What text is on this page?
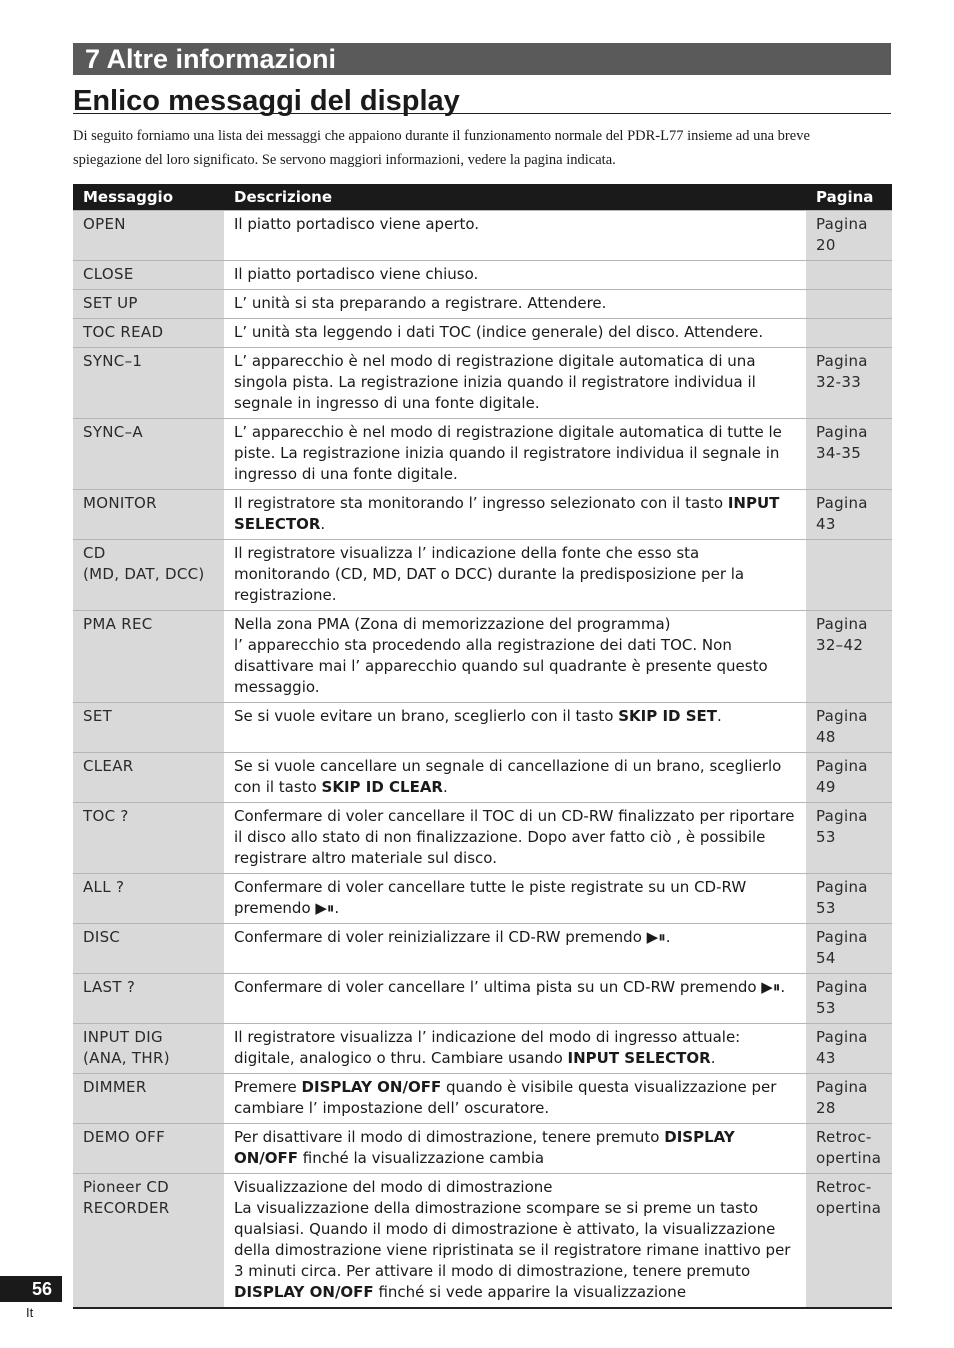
7 Altre informazioni
Enlico messaggi del display

Di seguito forniamo una lista dei messaggi che appaiono durante il funzionamento normale del PDR-L77 insieme ad una breve spiegazione del loro significato. Se servono maggiori informazioni, vedere la pagina indicata.

Messaggio	Descrizione	Pagina
OPEN	Il piatto portadisco viene aperto.	Pagina
20
CLOSE	Il piatto portadisco viene chiuso.	
SET UP	L’ unità si sta preparando a registrare. Attendere.	
TOC READ	L’ unità sta leggendo i dati TOC (indice generale) del disco. Attendere.	
SYNC–1	L’ apparecchio è nel modo di registrazione digitale automatica di una singola pista. La registrazione inizia quando il registratore individua il segnale in ingresso di una fonte digitale.	Pagina
32-33
SYNC–A	L’ apparecchio è nel modo di registrazione digitale automatica di tutte le piste. La registrazione inizia quando il registratore individua il segnale in ingresso di una fonte digitale.	Pagina
34-35
MONITOR	Il registratore sta monitorando l’ ingresso selezionato con il tasto INPUT SELECTOR.	Pagina
43
CD
(MD, DAT, DCC)	Il registratore visualizza l’ indicazione della fonte che esso sta monitorando (CD, MD, DAT o DCC) durante la predisposizione per la registrazione.	
PMA REC	Nella zona PMA (Zona di memorizzazione del programma)
l’ apparecchio sta procedendo alla registrazione dei dati TOC. Non disattivare mai l’ apparecchio quando sul quadrante è presente questo messaggio.	Pagina
32–42
SET	Se si vuole evitare un brano, sceglierlo con il tasto SKIP ID SET.	Pagina
48
CLEAR	Se si vuole cancellare un segnale di cancellazione di un brano, sceglierlo con il tasto SKIP ID CLEAR.	Pagina
49
TOC ?	Confermare di voler cancellare il TOC di un CD-RW finalizzato per riportare il disco allo stato di non finalizzazione. Dopo aver fatto ciò , è possibile registrare altro materiale sul disco.	Pagina
53
ALL ?	Confermare di voler cancellare tutte le piste registrate su un CD-RW premendo ▶⏸.	Pagina
53
DISC	Confermare di voler reinizializzare il CD-RW premendo ▶⏸.	Pagina
54
LAST ?	Confermare di voler cancellare l’ ultima pista su un CD-RW premendo ▶⏸.	Pagina
53
INPUT DIG
(ANA, THR)	Il registratore visualizza l’ indicazione del modo di ingresso attuale: digitale, analogico o thru. Cambiare usando INPUT SELECTOR.	Pagina
43
DIMMER	Premere DISPLAY ON/OFF quando è visibile questa visualizzazione per cambiare l’ impostazione dell’ oscuratore.	Pagina
28
DEMO OFF	Per disattivare il modo di dimostrazione, tenere premuto DISPLAY ON/OFF finché la visualizzazione cambia	Retroc-
opertina
Pioneer CD
RECORDER	Visualizzazione del modo di dimostrazione
La visualizzazione della dimostrazione scompare se si preme un tasto qualsiasi. Quando il modo di dimostrazione è attivato, la visualizzazione della dimostrazione viene ripristinata se il registratore rimane inattivo per 3 minuti circa. Per attivare il modo di dimostrazione, tenere premuto DISPLAY ON/OFF finché si vede apparire la visualizzazione	Retroc-
opertina
56
It
